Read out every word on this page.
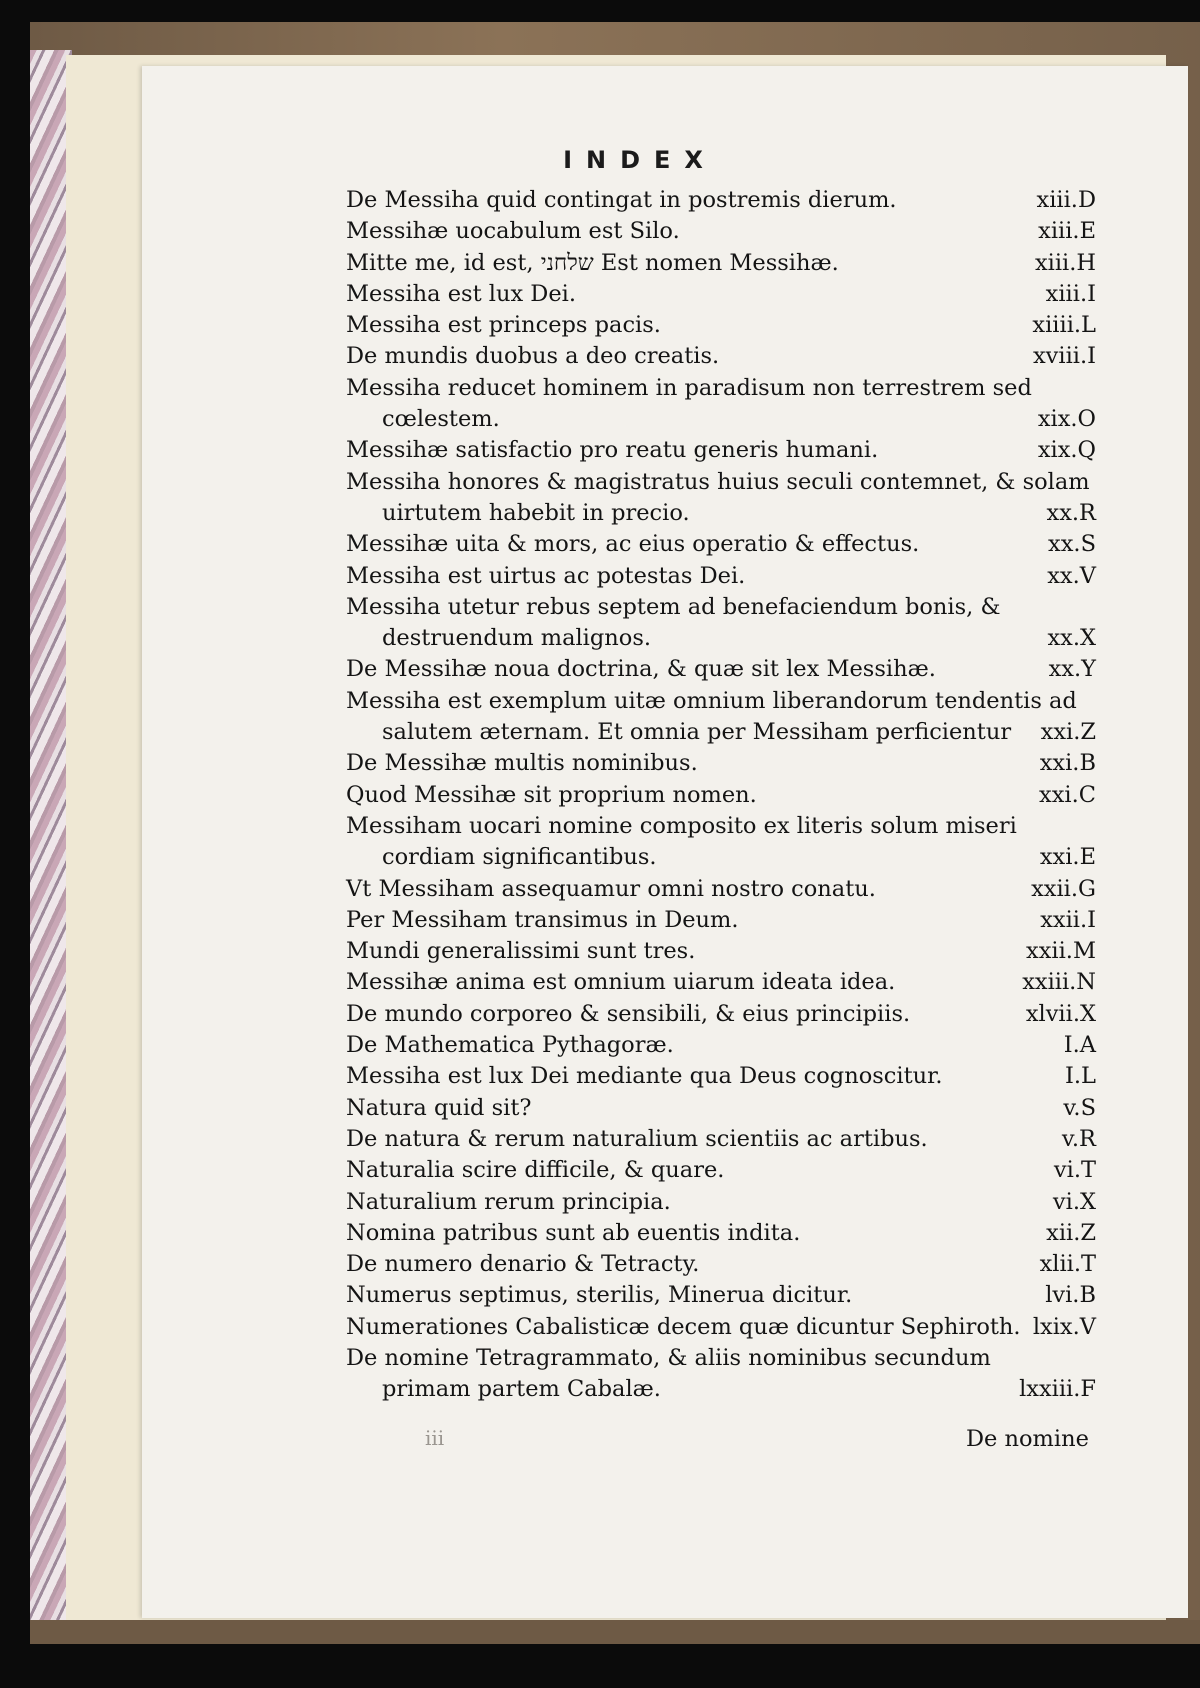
INDEX
De Messiha quid contingat in postremis dierum.	xiii.D
Messihæ uocabulum est Silo.	xiii.E
Mitte me, id est, שלחני Est nomen Messihæ.	xiii.H
Messiha est lux Dei.	xiii.I
Messiha est princeps pacis.	xiiii.L
De mundis duobus a deo creatis.	xviii.I
Messiha reducet hominem in paradisum non terrestrem sed
cœlestem.	xix.O
Messihæ satisfactio pro reatu generis humani.	xix.Q
Messiha honores & magistratus huius seculi contemnet, & solam
uirtutem habebit in precio.	xx.R
Messihæ uita & mors, ac eius operatio & effectus.	xx.S
Messiha est uirtus ac potestas Dei.	xx.V
Messiha utetur rebus septem ad benefaciendum bonis, &
destruendum malignos.	xx.X
De Messihæ noua doctrina, & quæ sit lex Messihæ.	xx.Y
Messiha est exemplum uitæ omnium liberandorum tendentis ad
salutem æternam. Et omnia per Messiham perficientur xxi.Z
De Messihæ multis nominibus.	xxi.B
Quod Messihæ sit proprium nomen.	xxi.C
Messiham uocari nomine composito ex literis solum miseri
cordiam significantibus.	xxi.E
Vt Messiham assequamur omni nostro conatu.	xxii.G
Per Messiham transimus in Deum.	xxii.I
Mundi generalissimi sunt tres.	xxii.M
Messihæ anima est omnium uiarum ideata idea.	xxiii.N
De mundo corporeo & sensibili, & eius principiis.	xlvii.X
De Mathematica Pythagoræ.	I.A
Messiha est lux Dei mediante qua Deus cognoscitur.	I.L
Natura quid sit?	v.S
De natura & rerum naturalium scientiis ac artibus.	v.R
Naturalia scire difficile, & quare.	vi.T
Naturalium rerum principia.	vi.X
Nomina patribus sunt ab euentis indita.	xii.Z
De numero denario & Tetracty.	xlii.T
Numerus septimus, sterilis, Minerua dicitur.	lvi.B
Numerationes Cabalisticæ decem quæ dicuntur Sephiroth. lxix.V
De nomine Tetragrammato, & aliis nominibus secundum
primam partem Cabalæ.	lxxiii.F
iii	De nomine
